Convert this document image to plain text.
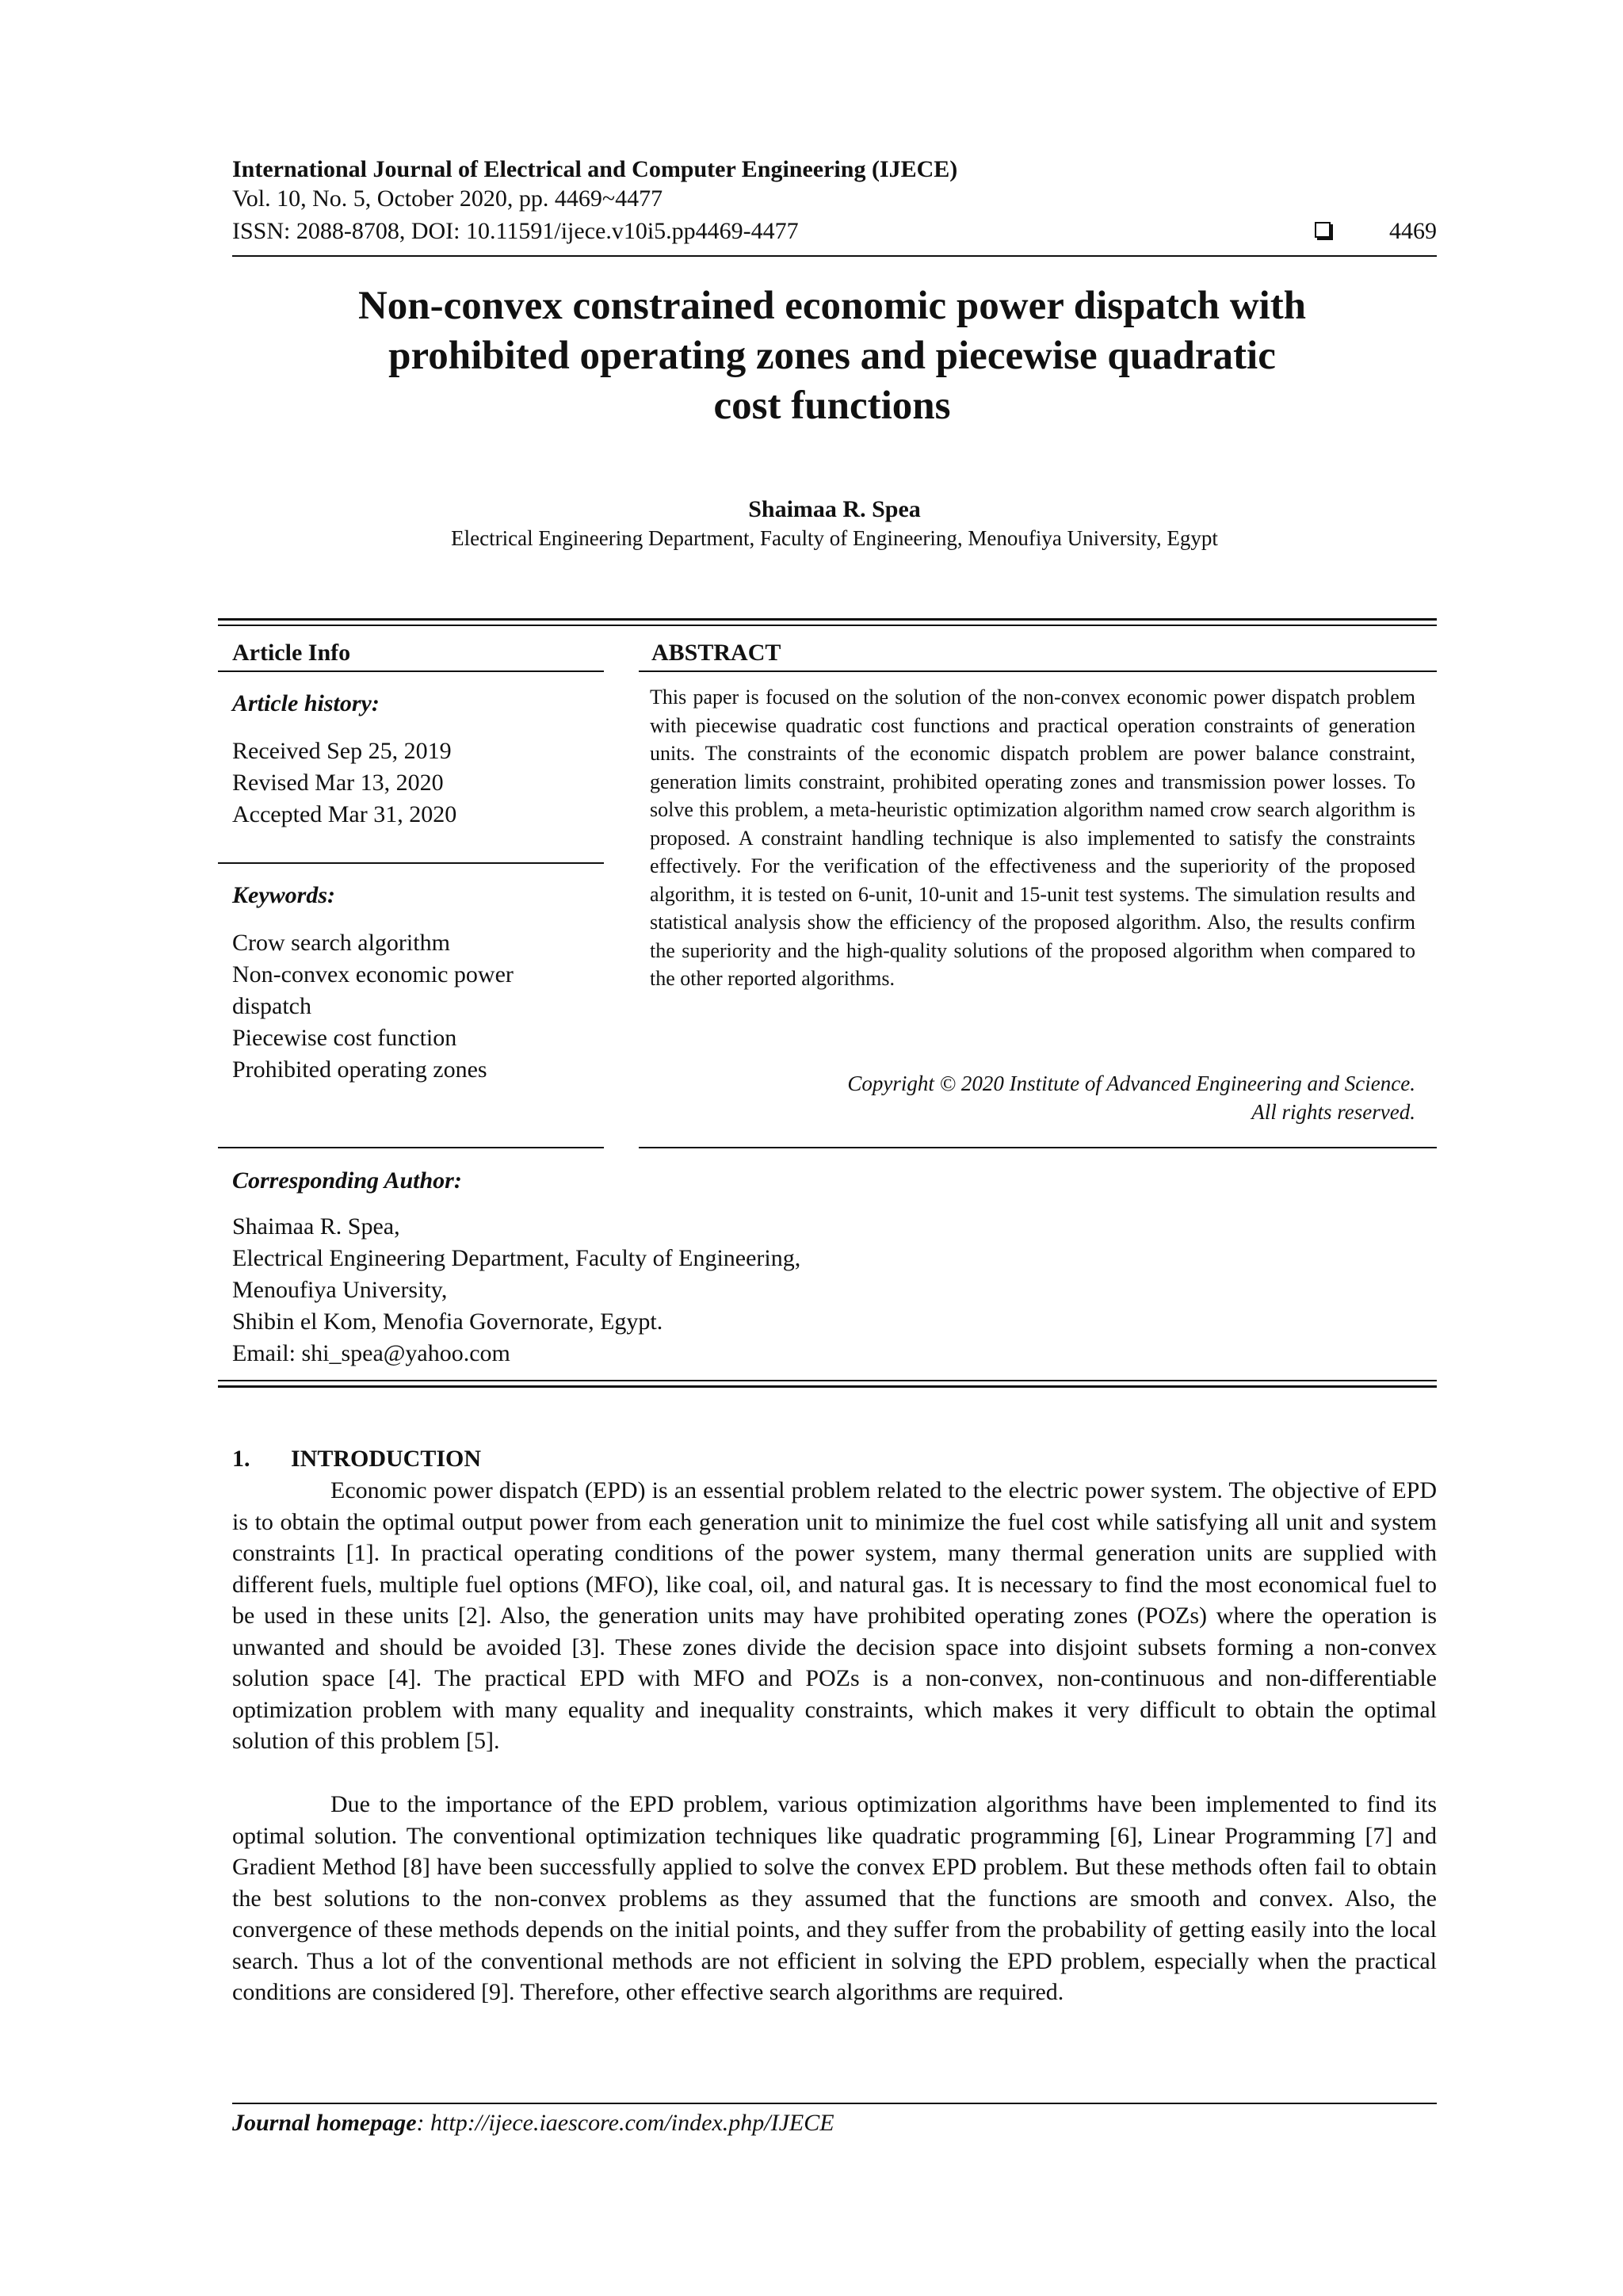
International Journal of Electrical and Computer Engineering (IJECE)
Vol. 10, No. 5, October 2020, pp. 4469~4477
ISSN: 2088-8708, DOI: 10.11591/ijece.v10i5.pp4469-4477	4469
Non-convex constrained economic power dispatch with
prohibited operating zones and piecewise quadratic
cost functions
Shaimaa R. Spea
Electrical Engineering Department, Faculty of Engineering, Menoufiya University, Egypt
Article Info
Article history:
Received Sep 25, 2019
Revised Mar 13, 2020
Accepted Mar 31, 2020
Keywords:
Crow search algorithm
Non-convex economic power
dispatch
Piecewise cost function
Prohibited operating zones
ABSTRACT

This paper is focused on the solution of the non-convex economic power dispatch problem with piecewise quadratic cost functions and practical operation constraints of generation units. The constraints of the economic dispatch problem are power balance constraint, generation limits constraint, prohibited operating zones and transmission power losses. To solve this problem, a meta-heuristic optimization algorithm named crow search algorithm is proposed. A constraint handling technique is also implemented to satisfy the constraints effectively. For the verification of the effectiveness and the superiority of the proposed algorithm, it is tested on 6-unit, 10-unit and 15-unit test systems. The simulation results and statistical analysis show the efficiency of the proposed algorithm. Also, the results confirm the superiority and the high-quality solutions of the proposed algorithm when compared to the other reported algorithms.

Copyright © 2020 Institute of Advanced Engineering and Science.
All rights reserved.
Corresponding Author:
Shaimaa R. Spea,
Electrical Engineering Department, Faculty of Engineering,
Menoufiya University,
Shibin el Kom, Menofia Governorate, Egypt.
Email: shi_spea@yahoo.com
1. INTRODUCTION

Economic power dispatch (EPD) is an essential problem related to the electric power system. The objective of EPD is to obtain the optimal output power from each generation unit to minimize the fuel cost while satisfying all unit and system constraints [1]. In practical operating conditions of the power system, many thermal generation units are supplied with different fuels, multiple fuel options (MFO), like coal, oil, and natural gas. It is necessary to find the most economical fuel to be used in these units [2]. Also, the generation units may have prohibited operating zones (POZs) where the operation is unwanted and should be avoided [3]. These zones divide the decision space into disjoint subsets forming a non-convex solution space [4]. The practical EPD with MFO and POZs is a non-convex, non-continuous and non-differentiable optimization problem with many equality and inequality constraints, which makes it very difficult to obtain the optimal solution of this problem [5].

Due to the importance of the EPD problem, various optimization algorithms have been implemented to find its optimal solution. The conventional optimization techniques like quadratic programming [6], Linear Programming [7] and Gradient Method [8] have been successfully applied to solve the convex EPD problem. But these methods often fail to obtain the best solutions to the non-convex problems as they assumed that the functions are smooth and convex. Also, the convergence of these methods depends on the initial points, and they suffer from the probability of getting easily into the local search. Thus a lot of the conventional methods are not efficient in solving the EPD problem, especially when the practical conditions are considered [9]. Therefore, other effective search algorithms are required.

Journal homepage: http://ijece.iaescore.com/index.php/IJECE
